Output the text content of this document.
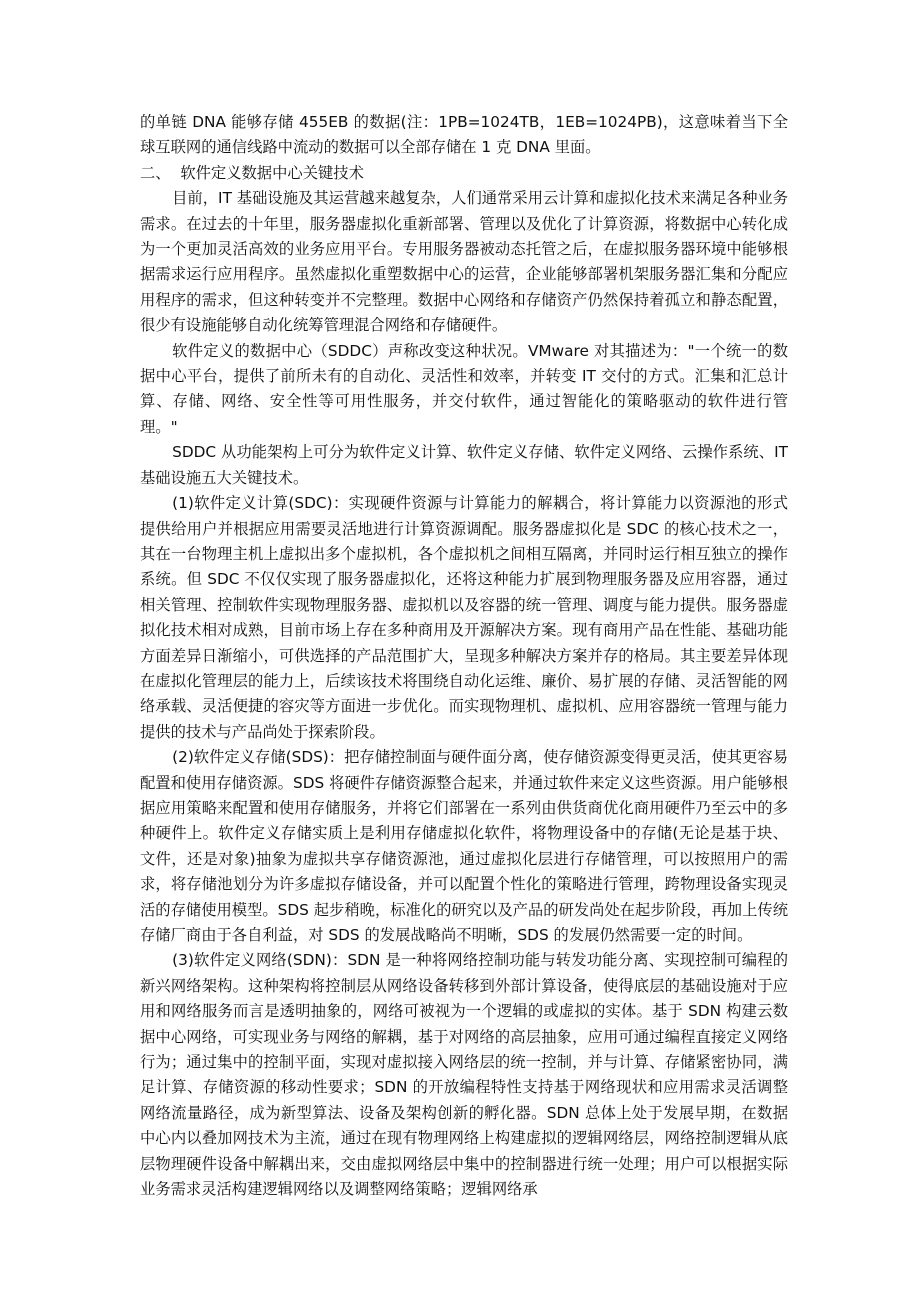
的单链 DNA 能够存储 455EB 的数据(注：1PB=1024TB，1EB=1024PB)，这意味着当下全球互联网的通信线路中流动的数据可以全部存储在 1 克 DNA 里面。

二、  软件定义数据中心关键技术

目前，IT 基础设施及其运营越来越复杂，人们通常采用云计算和虚拟化技术来满足各种业务需求。在过去的十年里，服务器虚拟化重新部署、管理以及优化了计算资源，将数据中心转化成为一个更加灵活高效的业务应用平台。专用服务器被动态托管之后，在虚拟服务器环境中能够根据需求运行应用程序。虽然虚拟化重塑数据中心的运营，企业能够部署机架服务器汇集和分配应用程序的需求，但这种转变并不完整理。数据中心网络和存储资产仍然保持着孤立和静态配置，很少有设施能够自动化统筹管理混合网络和存储硬件。

软件定义的数据中心（SDDC）声称改变这种状况。VMware 对其描述为："一个统一的数据中心平台，提供了前所未有的自动化、灵活性和效率，并转变 IT 交付的方式。汇集和汇总计算、存储、网络、安全性等可用性服务，并交付软件，通过智能化的策略驱动的软件进行管理。"

SDDC 从功能架构上可分为软件定义计算、软件定义存储、软件定义网络、云操作系统、IT 基础设施五大关键技术。

(1)软件定义计算(SDC)：实现硬件资源与计算能力的解耦合，将计算能力以资源池的形式提供给用户并根据应用需要灵活地进行计算资源调配。服务器虚拟化是 SDC 的核心技术之一，其在一台物理主机上虚拟出多个虚拟机，各个虚拟机之间相互隔离，并同时运行相互独立的操作系统。但 SDC 不仅仅实现了服务器虚拟化，还将这种能力扩展到物理服务器及应用容器，通过相关管理、控制软件实现物理服务器、虚拟机以及容器的统一管理、调度与能力提供。服务器虚拟化技术相对成熟，目前市场上存在多种商用及开源解决方案。现有商用产品在性能、基础功能方面差异日渐缩小，可供选择的产品范围扩大，呈现多种解决方案并存的格局。其主要差异体现在虚拟化管理层的能力上，后续该技术将围绕自动化运维、廉价、易扩展的存储、灵活智能的网络承载、灵活便捷的容灾等方面进一步优化。而实现物理机、虚拟机、应用容器统一管理与能力提供的技术与产品尚处于探索阶段。

(2)软件定义存储(SDS)：把存储控制面与硬件面分离，使存储资源变得更灵活，使其更容易配置和使用存储资源。SDS 将硬件存储资源整合起来，并通过软件来定义这些资源。用户能够根据应用策略来配置和使用存储服务，并将它们部署在一系列由供货商优化商用硬件乃至云中的多种硬件上。软件定义存储实质上是利用存储虚拟化软件，将物理设备中的存储(无论是基于块、文件，还是对象)抽象为虚拟共享存储资源池，通过虚拟化层进行存储管理，可以按照用户的需求，将存储池划分为许多虚拟存储设备，并可以配置个性化的策略进行管理，跨物理设备实现灵活的存储使用模型。SDS 起步稍晚，标准化的研究以及产品的研发尚处在起步阶段，再加上传统存储厂商由于各自利益，对 SDS 的发展战略尚不明晰，SDS 的发展仍然需要一定的时间。

(3)软件定义网络(SDN)：SDN 是一种将网络控制功能与转发功能分离、实现控制可编程的新兴网络架构。这种架构将控制层从网络设备转移到外部计算设备，使得底层的基础设施对于应用和网络服务而言是透明抽象的，网络可被视为一个逻辑的或虚拟的实体。基于 SDN 构建云数据中心网络，可实现业务与网络的解耦，基于对网络的高层抽象，应用可通过编程直接定义网络行为；通过集中的控制平面，实现对虚拟接入网络层的统一控制，并与计算、存储紧密协同，满足计算、存储资源的移动性要求；SDN 的开放编程特性支持基于网络现状和应用需求灵活调整网络流量路径，成为新型算法、设备及架构创新的孵化器。SDN 总体上处于发展早期，在数据中心内以叠加网技术为主流，通过在现有物理网络上构建虚拟的逻辑网络层，网络控制逻辑从底层物理硬件设备中解耦出来，交由虚拟网络层中集中的控制器进行统一处理；用户可以根据实际业务需求灵活构建逻辑网络以及调整网络策略；逻辑网络承
